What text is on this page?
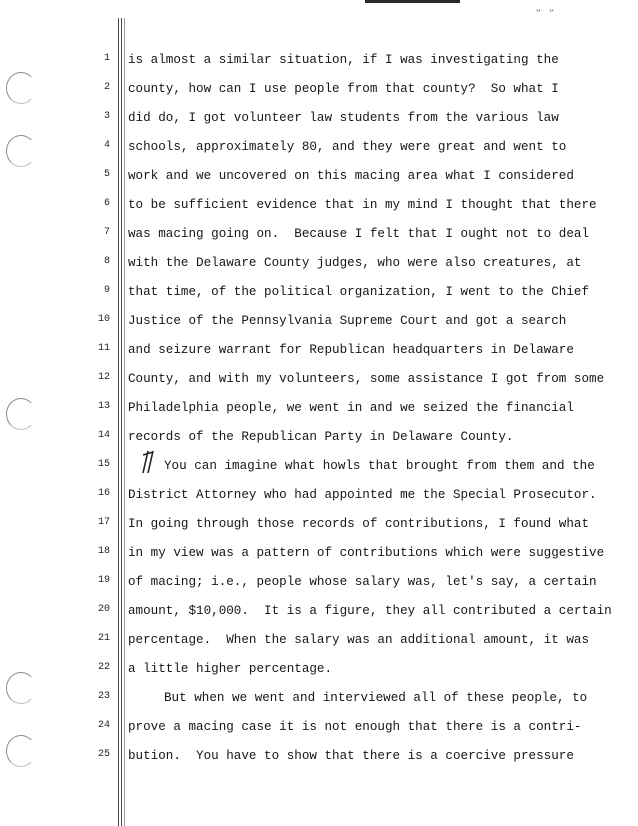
ᵕ ᵕ
1
2
3
4
5
6
7
8
9
10
11
12
13
14
15
16
17
18
19
20
21
22
23
24
25
is almost a similar situation, if I was investigating the
county, how can I use people from that county?  So what I
did do, I got volunteer law students from the various law
schools, approximately 80, and they were great and went to
work and we uncovered on this macing area what I considered
to be sufficient evidence that in my mind I thought that there
was macing going on.  Because I felt that I ought not to deal
with the Delaware County judges, who were also creatures, at
that time, of the political organization, I went to the Chief
Justice of the Pennsylvania Supreme Court and got a search
and seizure warrant for Republican headquarters in Delaware
County, and with my volunteers, some assistance I got from some
Philadelphia people, we went in and we seized the financial
records of the Republican Party in Delaware County.
You can imagine what howls that brought from them and the
District Attorney who had appointed me the Special Prosecutor.
In going through those records of contributions, I found what
in my view was a pattern of contributions which were suggestive
of macing; i.e., people whose salary was, let's say, a certain
amount, $10,000.  It is a figure, they all contributed a certain
percentage.  When the salary was an additional amount, it was
a little higher percentage.
But when we went and interviewed all of these people, to
prove a macing case it is not enough that there is a contri-
bution.  You have to show that there is a coercive pressure
